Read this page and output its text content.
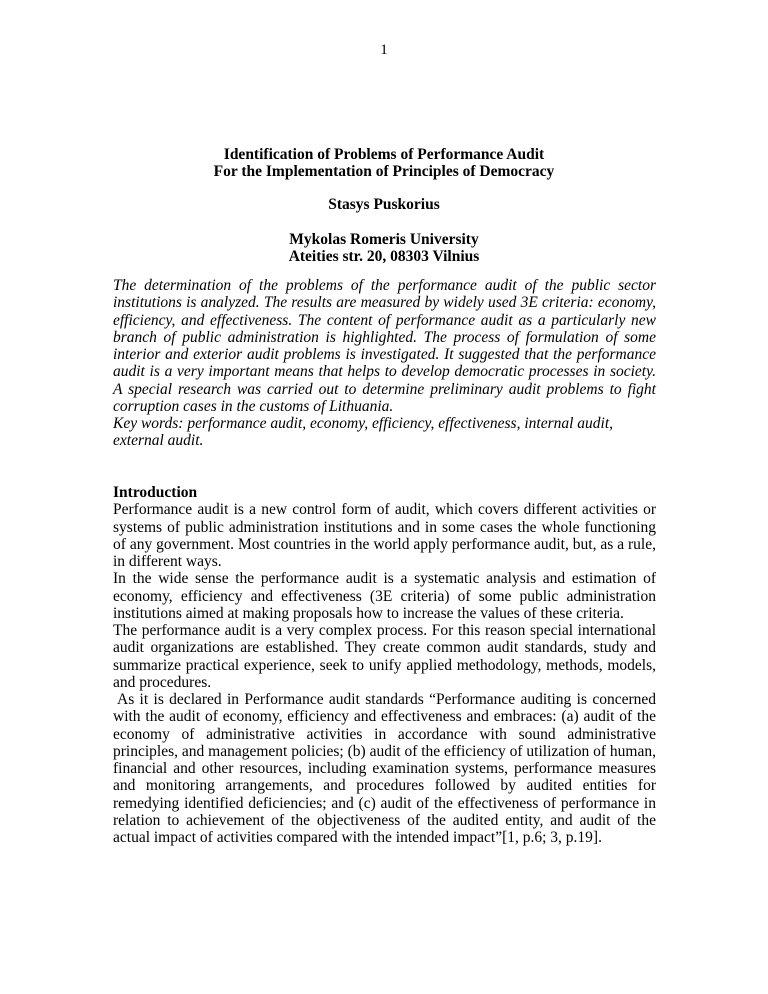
1
Identification of Problems of Performance Audit
For the Implementation of Principles of Democracy
Stasys Puskorius
Mykolas Romeris University
Ateities str. 20, 08303 Vilnius

The determination of the problems of the performance audit of the public sector institutions is analyzed. The results are measured by widely used 3E criteria: economy, efficiency, and effectiveness. The content of performance audit as a particularly new branch of public administration is highlighted. The process of formulation of some interior and exterior audit problems is investigated. It suggested that the performance audit is a very important means that helps to develop democratic processes in society. A special research was carried out to determine preliminary audit problems to fight corruption cases in the customs of Lithuania.

Key words: performance audit, economy, efficiency, effectiveness, internal audit,
external audit.
Introduction

Performance audit is a new control form of audit, which covers different activities or systems of public administration institutions and in some cases the whole functioning of any government. Most countries in the world apply performance audit, but, as a rule, in different ways.

In the wide sense the performance audit is a systematic analysis and estimation of economy, efficiency and effectiveness (3E criteria) of some public administration institutions aimed at making proposals how to increase the values of these criteria.

The performance audit is a very complex process. For this reason special international audit organizations are established. They create common audit standards, study and summarize practical experience, seek to unify applied methodology, methods, models, and procedures.

As it is declared in Performance audit standards “Performance auditing is concerned with the audit of economy, efficiency and effectiveness and embraces: (a) audit of the economy of administrative activities in accordance with sound administrative principles, and management policies; (b) audit of the efficiency of utilization of human, financial and other resources, including examination systems, performance measures and monitoring arrangements, and procedures followed by audited entities for remedying identified deficiencies; and (c) audit of the effectiveness of performance in relation to achievement of the objectiveness of the audited entity, and audit of the actual impact of activities compared with the intended impact”[1, p.6; 3, p.19].
